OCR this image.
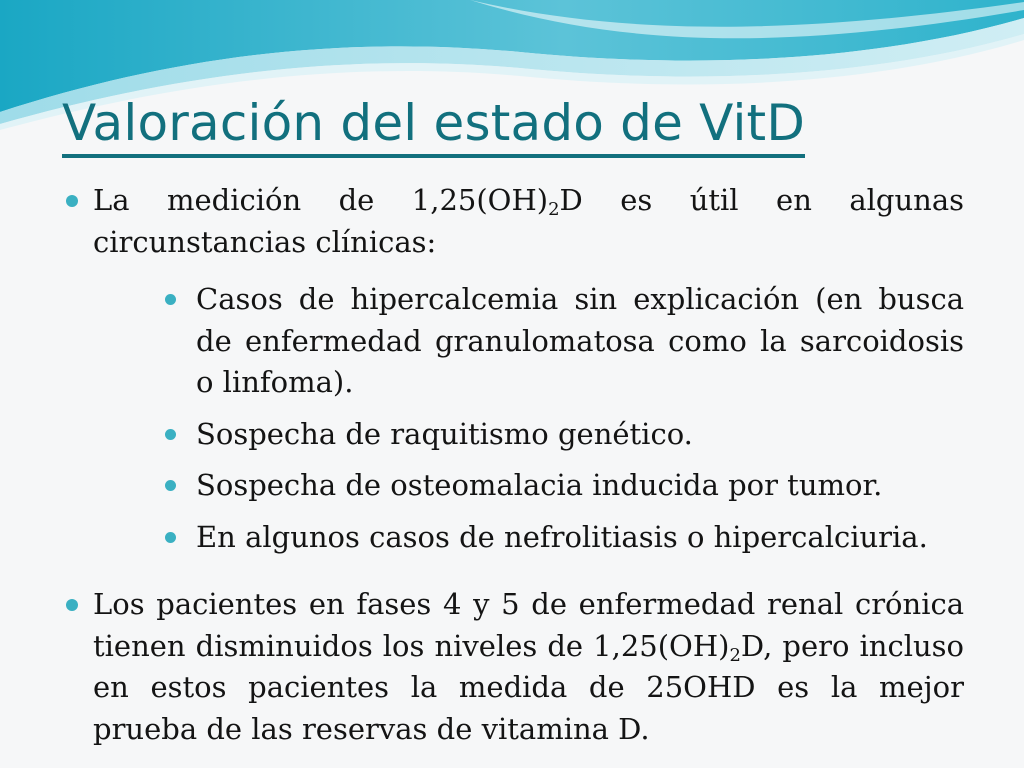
Valoración del estado de VitD
La medición de $1,25(OH)_2D$ es útil en algunas circunstancias clínicas:
Casos de hipercalcemia sin explicación (en busca de enfermedad granulomatosa como la sarcoidosis o linfoma).
Sospecha de raquitismo genético.
Sospecha de osteomalacia inducida por tumor.
En algunos casos de nefrolitiasis o hipercalciuria.
Los pacientes en fases 4 y 5 de enfermedad renal crónica tienen disminuidos los niveles de $1,25(OH)_2D$, pero incluso en estos pacientes la medida de 25OHD es la mejor prueba de las reservas de vitamina D.
